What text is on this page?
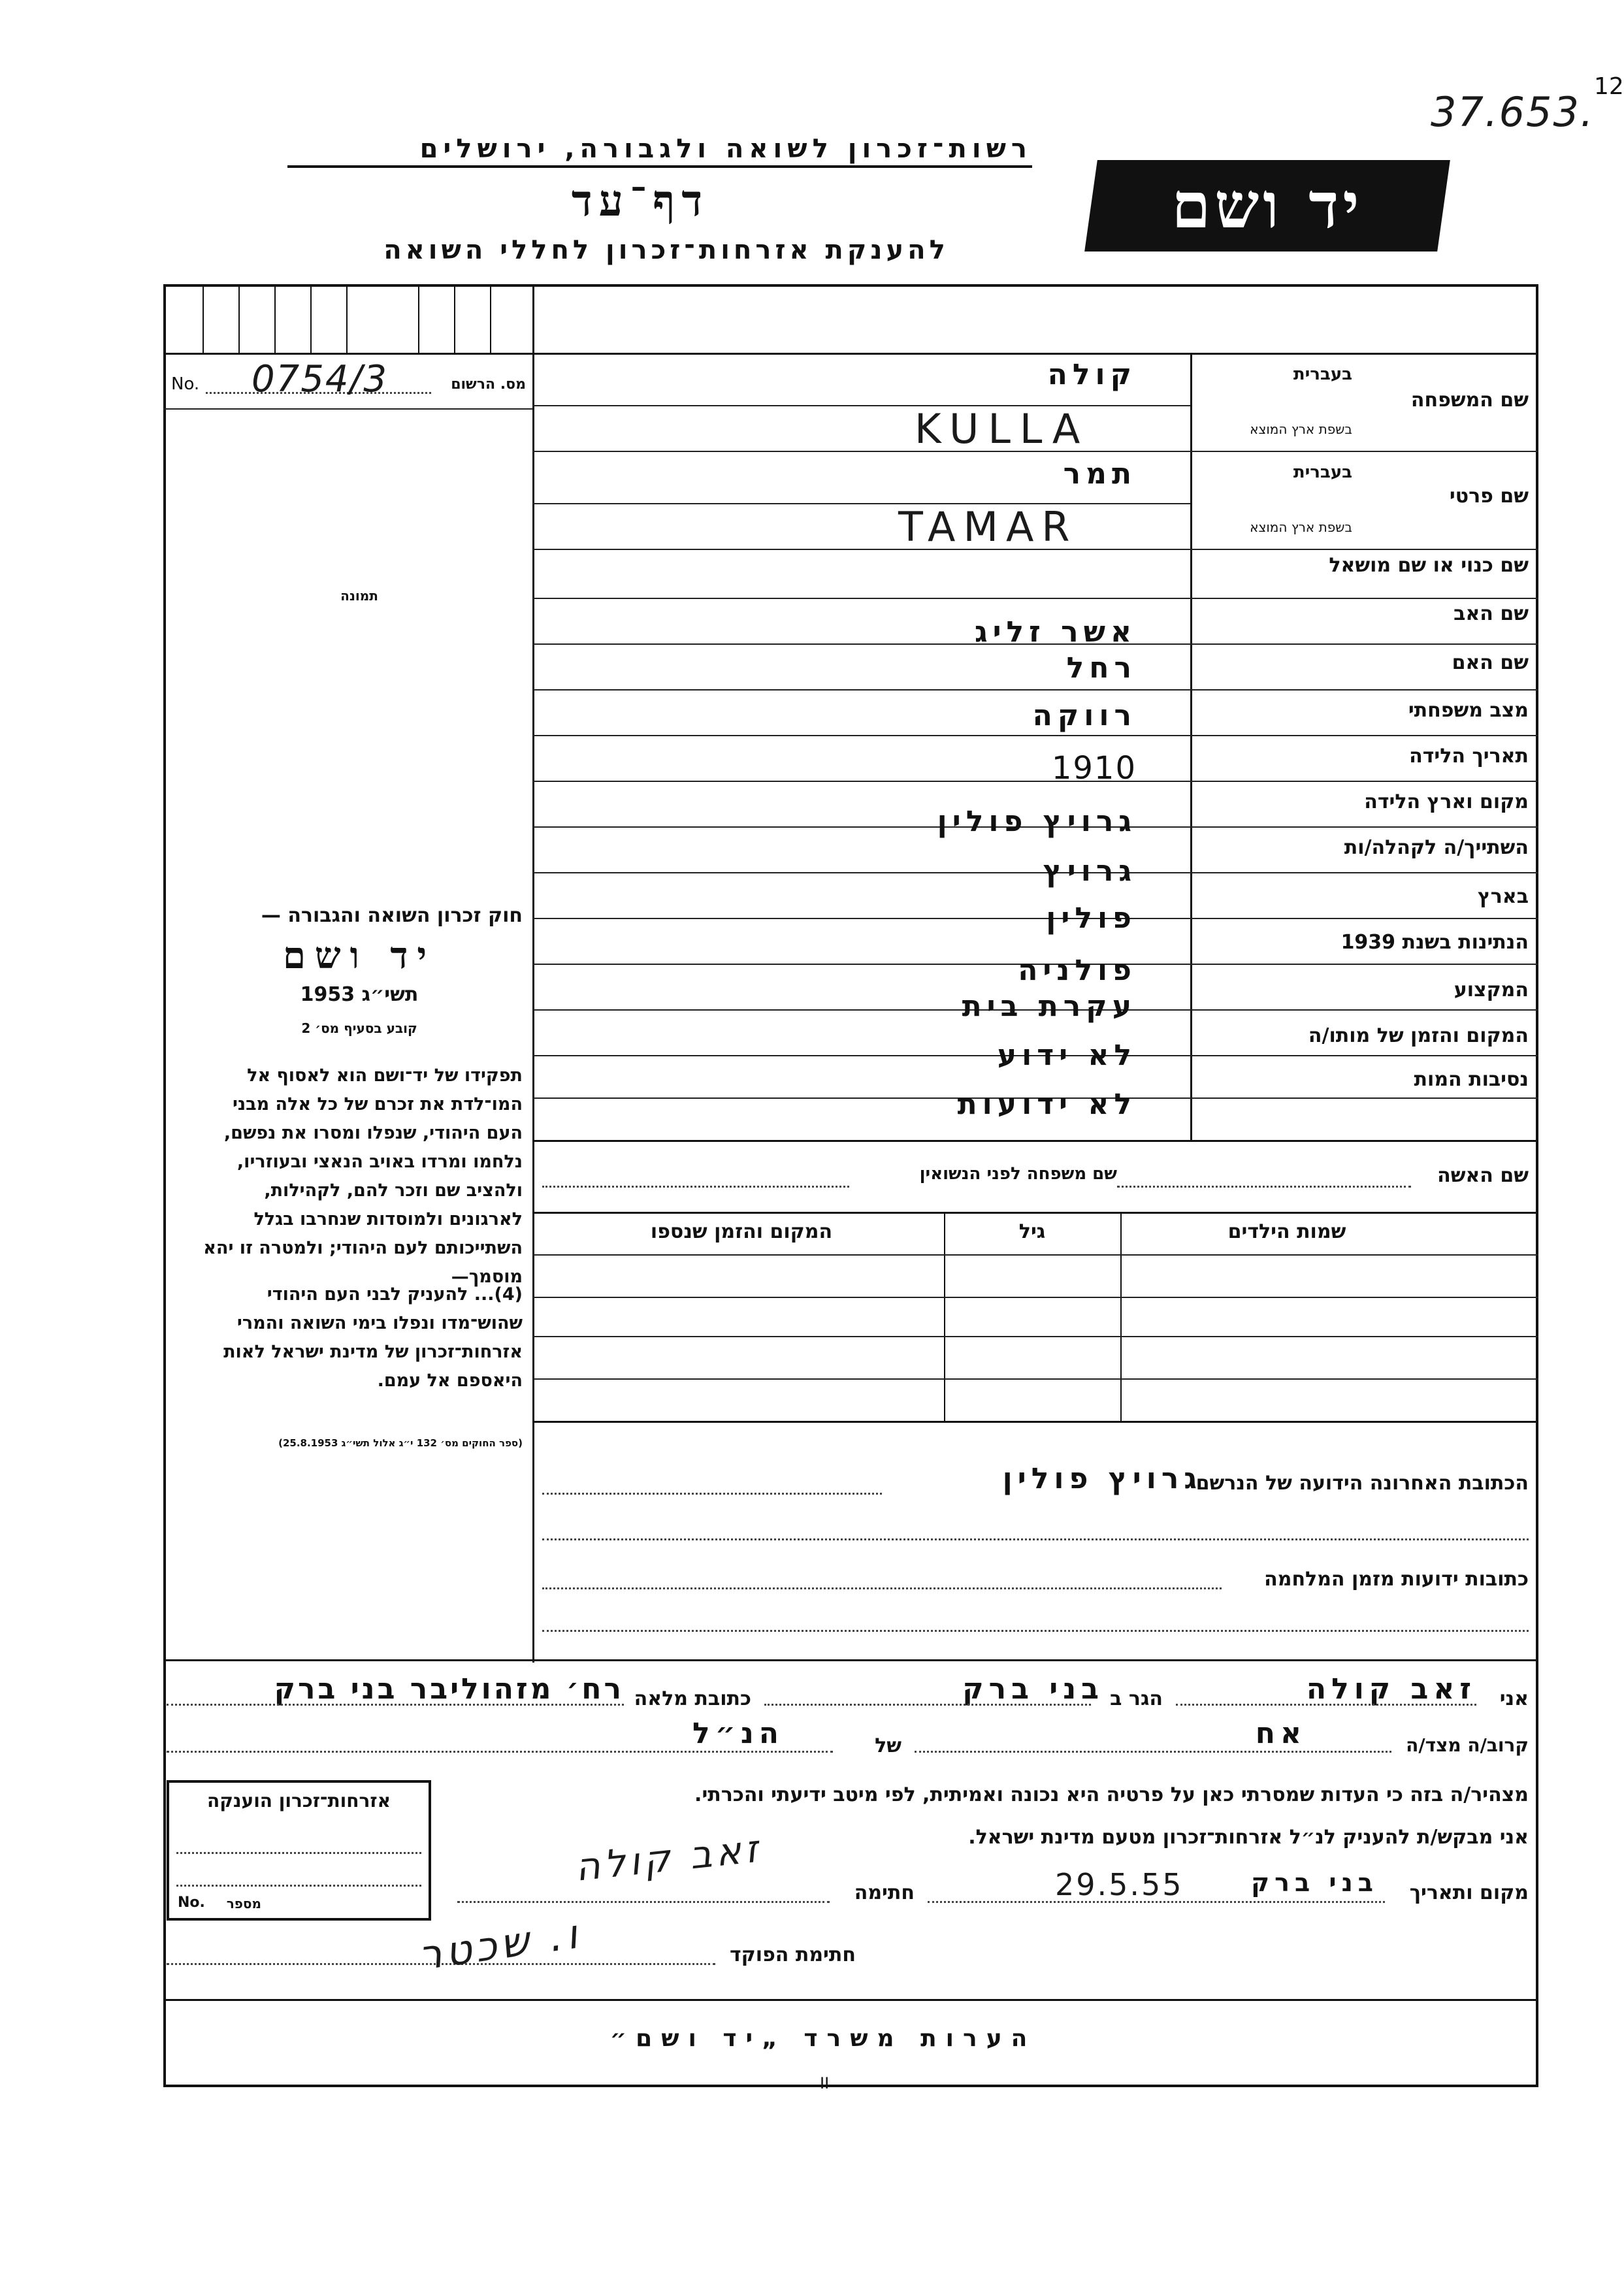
37.653.
12
רשות־זכרון לשואה ולגבורה, ירושלים
דף־עד
להענקת אזרחות־זכרון לחללי השואה
יד ושם
No. 0754/3	מס. הרשום
תמונה
חוק זכרון השואה והגבורה —
יד ושם
תשי״ג 1953
קובע בסעיף מס׳ 2
תפקידו של יד־ושם הוא לאסוף אל המו־לדת את זכרם של כל אלה מבני העם היהודי, שנפלו ומסרו את נפשם, נלחמו ומרדו באויב הנאצי ובעוזריו, ולהציב שם וזכר להם, לקהילות, לארגונים ולמוסדות שנחרבו בגלל השתייכותם לעם היהודי; ולמטרה זו יהא מוסמך—
(4)... להעניק לבני העם היהודי שהוש־מדו ונפלו בימי השואה והמרי אזרחות־זכרון של מדינת ישראל לאות היאספם אל עמם.
(ספר החוקים מס׳ 132 י״ג אלול תשי״ג 25.8.1953)
שם המשפחה
בעברית
בשפת ארץ המוצא
קולה
KULLA
שם פרטי
בעברית
בשפת ארץ המוצא
תמר
TAMAR
שם כנוי או שם מושאל
שם האב
אשר זליג
שם האם
רחל
מצב משפחתי
רווקה
תאריך הלידה
1910
מקום וארץ הלידה
גרויץ פולין
השתייך/ה לקהלה/ות
גרויץ
בארץ
פולין
הנתינות בשנת 1939
פולניה
המקצוע
עקרת בית
המקום והזמן של מותו/ה
לא ידוע
נסיבות המות
לא ידועות
שם האשה
שם משפחה לפני הנשואין
שמות הילדים
גיל
המקום והזמן שנספו
הכתובת האחרונה הידועה של הנרשם
גרויץ פולין
כתובות ידועות מזמן המלחמה
אני
זאב קולה
הגר ב
בני ברק
כתובת מלאה
רח׳ מזהוליבר בני ברק
קרוב/ה מצד/ה
אח
של
הנ״ל
מצהיר/ה בזה כי העדות שמסרתי כאן על פרטיה היא נכונה ואמיתית, לפי מיטב ידיעתי והכרתי.
אני מבקש/ת להעניק לנ״ל אזרחות־זכרון מטעם מדינת ישראל.
מקום ותאריך
בני ברק
29.5.55
חתימה
זאב קולה
חתימת הפוקד
ו. שכטר
אזרחות־זכרון הוענקה
No.	מספר
הערות משרד „יד ושם״
II
